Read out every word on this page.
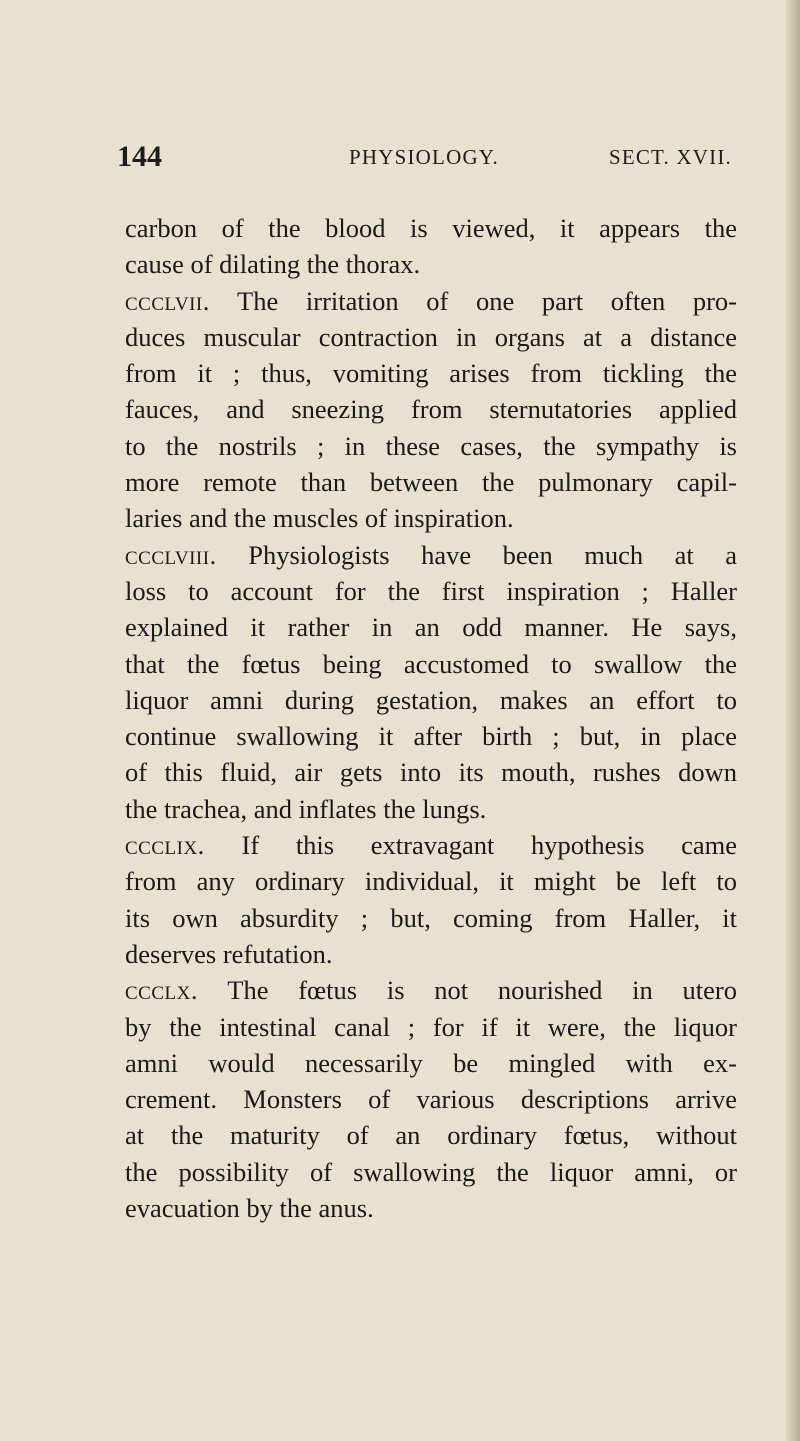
144	PHYSIOLOGY.	SECT. XVII.
carbon of the blood is viewed, it appears the
cause of dilating the thorax.
ccclvii. The irritation of one part often pro-
duces muscular contraction in organs at a distance
from it ; thus, vomiting arises from tickling the
fauces, and sneezing from sternutatories applied
to the nostrils ; in these cases, the sympathy is
more remote than between the pulmonary capil-
laries and the muscles of inspiration.
ccclviii. Physiologists have been much at a
loss to account for the first inspiration ; Haller
explained it rather in an odd manner. He says,
that the fœtus being accustomed to swallow the
liquor amni during gestation, makes an effort to
continue swallowing it after birth ; but, in place
of this fluid, air gets into its mouth, rushes down
the trachea, and inflates the lungs.
ccclix. If this extravagant hypothesis came
from any ordinary individual, it might be left to
its own absurdity ; but, coming from Haller, it
deserves refutation.
ccclx. The fœtus is not nourished in utero
by the intestinal canal ; for if it were, the liquor
amni would necessarily be mingled with ex-
crement. Monsters of various descriptions arrive
at the maturity of an ordinary fœtus, without
the possibility of swallowing the liquor amni, or
evacuation by the anus.
